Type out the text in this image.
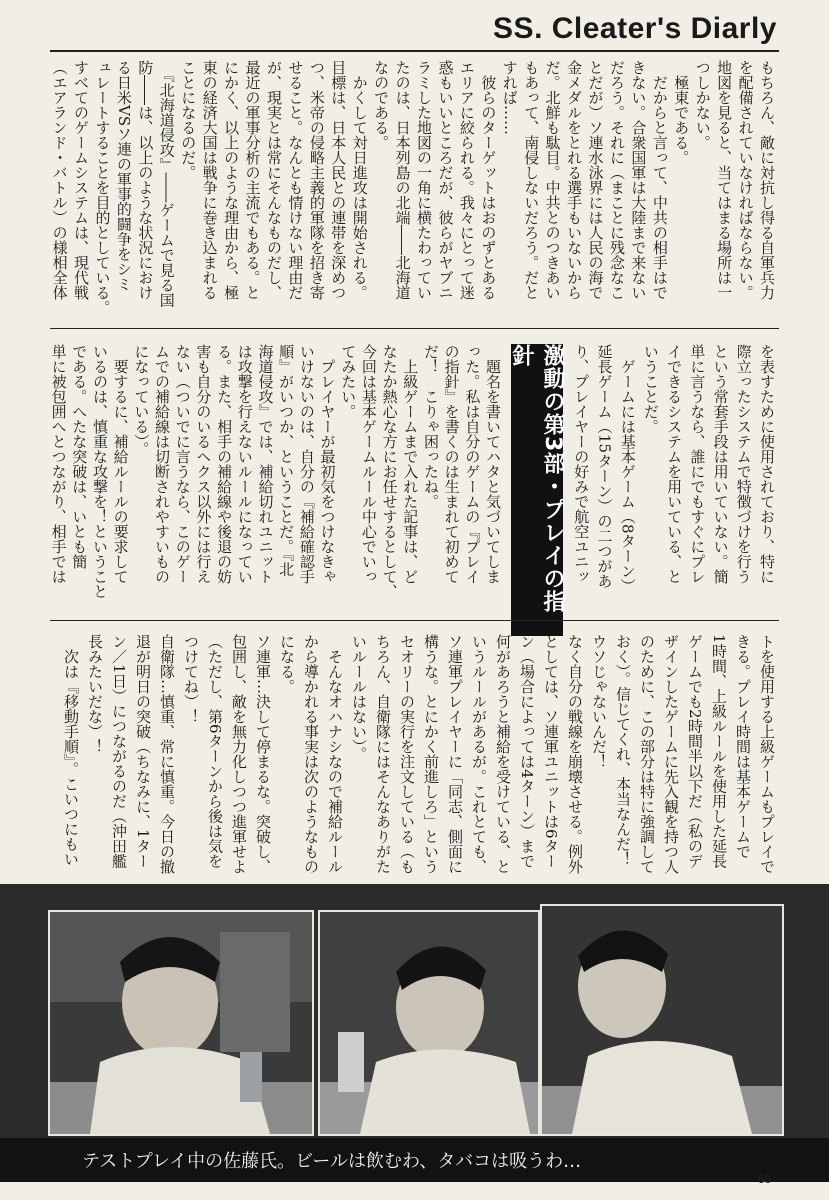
SS. Cleater's Diarly

もちろん、敵に対抗し得る自軍兵力

を配備されていなければならない。

地図を見ると、当てはまる場所は一

つしかない。

　極東である。

　だからと言って、中共の相手はで

きない。合衆国軍は大陸まで来ない

だろう。それに（まことに残念なこ

とだが）ソ連水泳界には人民の海で

金メダルをとれる選手もいないから

だ。北鮮も駄目。中共とのつきあい

もあって、南侵しないだろう。だと

すれば……

　彼らのターゲットはおのずとある

エリアに絞られる。我々にとって迷

惑もいいところだが、彼らがヤブニ

ラミした地図の一角に横たわってい

たのは、日本列島の北端――北海道

なのである。

　かくして対日進攻は開始される。

目標は、日本人民との連帯を深めつ

つ、米帝の侵略主義的軍隊を招き寄

せること。なんとも情けない理由だ

が、現実とは常にそんなものだし、

最近の軍事分析の主流でもある。と

にかく、以上のような理由から、極

東の経済大国は戦争に巻き込まれる

ことになるのだ。

　『北海道侵攻』――ゲームで見る国

防――は、以上のような状況におけ

る日米VSソ連の軍事的闘争をシミ

ュレートすることを目的としている。

すべてのゲームシステムは、現代戦

（エアランド・バトル）の様相全体

を表すために使用されており、特に

際立ったシステムで特徴づけを行う

という常套手段は用いていない。簡

単に言うなら、誰にでもすぐにプレ

イできるシステムを用いている、と

いうことだ。

　ゲームには基本ゲーム（8ターン）

延長ゲーム（15ターン）の二つがあ

り、プレイヤーの好みで航空ユニッ

激動の第3部・プレイの指針

　題名を書いてハタと気づいてしま

った。私は自分のゲームの『プレイ

の指針』を書くのは生まれて初めて

だ！　こりゃ困ったね。

　上級ゲームまで入れた記事は、ど

なたか熱心な方にお任せするとして、

今回は基本ゲームルール中心でいっ

てみたい。

　プレイヤーが最初気をつけなきゃ

いけないのは、自分の『補給確認手

順』がいつか、ということだ。『北

海道侵攻』では、補給切れユニット

は攻撃を行えないルールになってい

る。また、相手の補給線や後退の妨

害も自分のいるヘクス以外には行え

ない（ついでに言うなら、このゲー

ムでの補給線は切断されやすいもの

になっている）。

　要するに、補給ルールの要求して

いるのは、慎重な攻撃を！ということ

である。へたな突破は、いとも簡

単に被包囲へとつながり、相手では

トを使用する上級ゲームもプレイで

きる。プレイ時間は基本ゲームで

1時間、上級ルールを使用した延長

ゲームでも2時間半以下だ（私のデ

ザインしたゲームに先入観を持つ人

のために、この部分は特に強調して

おく）。信じてくれ、本当なんだ！

ウソじゃないんだ！

なく自分の戦線を崩壊させる。例外

としては、ソ連軍ユニットは6ター

ン（場合によっては4ターン）まで

何があろうと補給を受けている、と

いうルールがあるが。これとても、

ソ連軍プレイヤーに「同志、側面に

構うな。とにかく前進しろ」という

セオリーの実行を注文している（も

ちろん、自衛隊にはそんなありがた

いルールはない）。

　そんなオハナシなので補給ルール

から導かれる事実は次のようなもの

になる。

ソ連軍…決して停まるな。突破し、

包囲し、敵を無力化しつつ進軍せよ

（ただし、第6ターンから後は気を

つけてね）！

自衛隊…慎重、常に慎重。今日の撤

退が明日の突破（ちなみに、1ター

ン／1日）につながるのだ（沖田艦

長みたいだな）！

　次は『移動手順』。こいつにもい

テストプレイ中の佐藤氏。ビールは飲むわ、タバコは吸うわ…
66
